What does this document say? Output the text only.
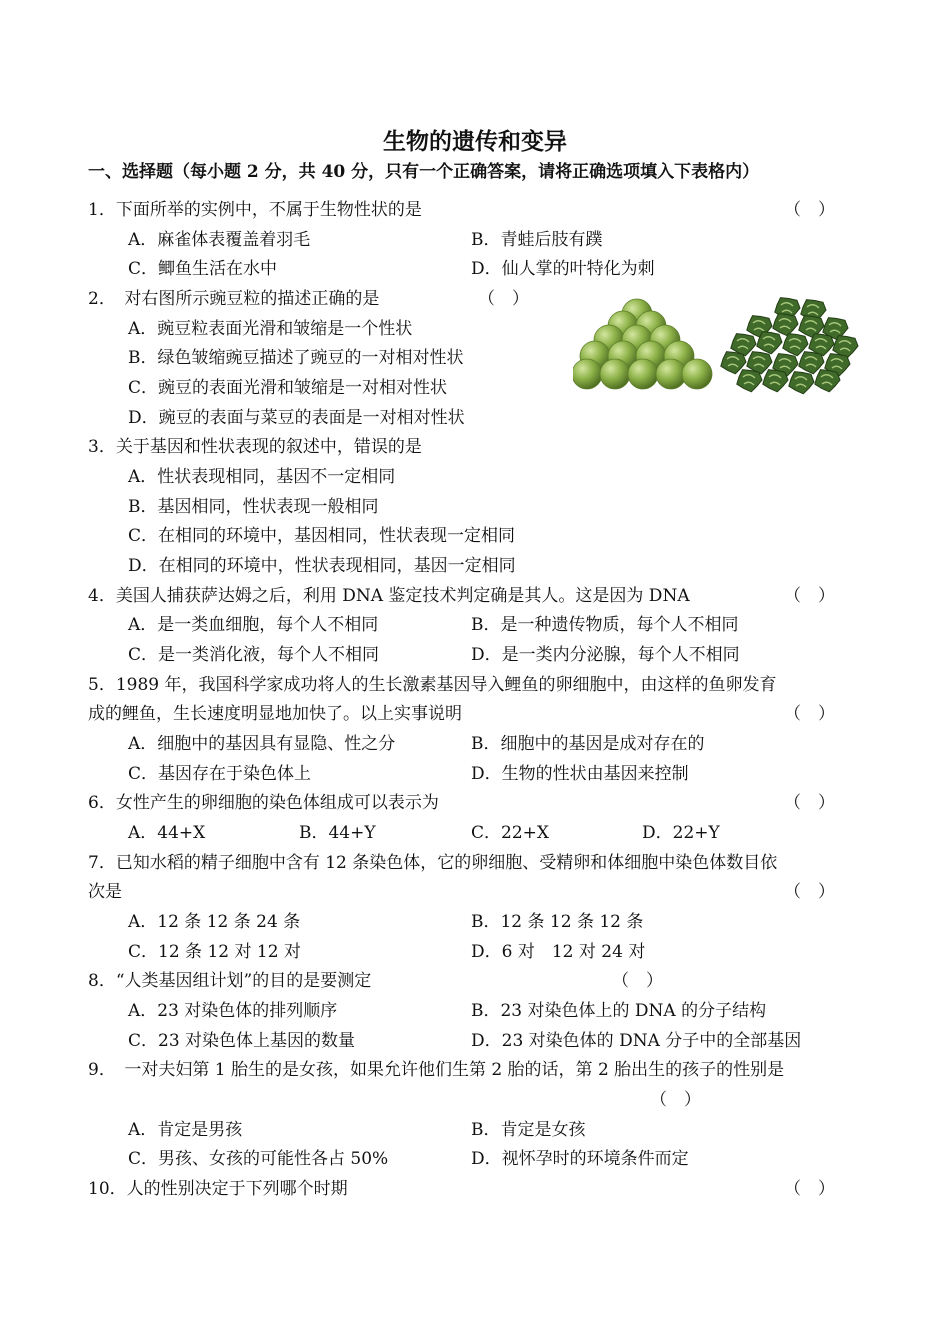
生物的遗传和变异
一、选择题（每小题 2 分，共 40 分，只有一个正确答案，请将正确选项填入下表格内）
1．下面所举的实例中，不属于生物性状的是	（　）
A．麻雀体表覆盖着羽毛	B．青蛙后肢有蹼
C．鲫鱼生活在水中	D．仙人掌的叶特化为刺
2．　对右图所示豌豆粒的描述正确的是	（　）
A．豌豆粒表面光滑和皱缩是一个性状
B．绿色皱缩豌豆描述了豌豆的一对相对性状
C．豌豆的表面光滑和皱缩是一对相对性状
D．豌豆的表面与菜豆的表面是一对相对性状
3．关于基因和性状表现的叙述中，错误的是
A．性状表现相同，基因不一定相同
B．基因相同，性状表现一般相同
C．在相同的环境中，基因相同，性状表现一定相同
D．在相同的环境中，性状表现相同，基因一定相同
4．美国人捕获萨达姆之后，利用 DNA 鉴定技术判定确是其人。这是因为 DNA	（　）
A．是一类血细胞，每个人不相同	B．是一种遗传物质，每个人不相同
C．是一类消化液，每个人不相同	D．是一类内分泌腺，每个人不相同
5．1989 年，我国科学家成功将人的生长激素基因导入鲤鱼的卵细胞中，由这样的鱼卵发育
成的鲤鱼，生长速度明显地加快了。以上实事说明	（　）
A．细胞中的基因具有显隐、性之分	B．细胞中的基因是成对存在的
C．基因存在于染色体上	D．生物的性状由基因来控制
6．女性产生的卵细胞的染色体组成可以表示为	（　）
A．44+X	B．44+Y	C．22+X	D．22+Y
7．已知水稻的精子细胞中含有 12 条染色体，它的卵细胞、受精卵和体细胞中染色体数目依
次是	（　）
A．12 条 12 条 24 条	B．12 条 12 条 12 条
C．12 条 12 对 12 对	D．6 对　12 对 24 对
8．“人类基因组计划”的目的是要测定	（　）
A．23 对染色体的排列顺序	B．23 对染色体上的 DNA 的分子结构
C．23 对染色体上基因的数量	D．23 对染色体的 DNA 分子中的全部基因
9．　一对夫妇第 1 胎生的是女孩，如果允许他们生第 2 胎的话，第 2 胎出生的孩子的性别是
（　）
A．肯定是男孩	B．肯定是女孩
C．男孩、女孩的可能性各占 50%	D．视怀孕时的环境条件而定
10．人的性别决定于下列哪个时期	（　）
